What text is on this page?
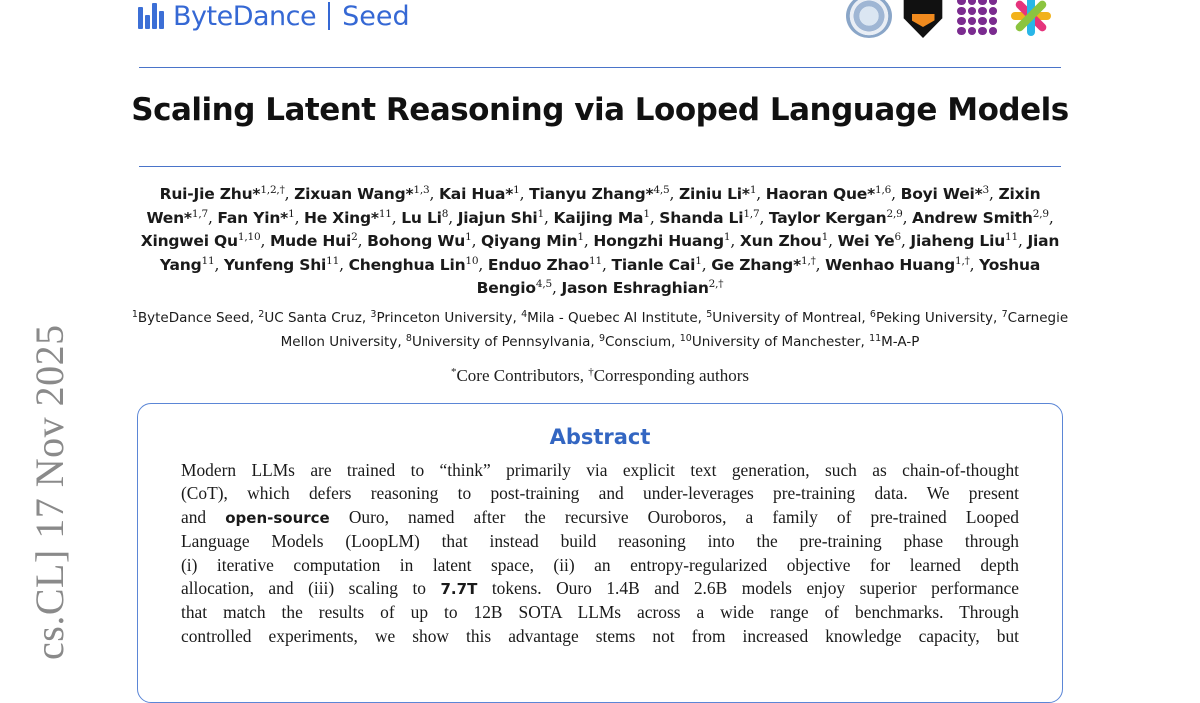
ByteDance Seed
Scaling Latent Reasoning via Looped Language Models
Rui-Jie Zhu*$^{1,2,\dagger}$, Zixuan Wang*$^{1,3}$, Kai Hua*$^1$, Tianyu Zhang*$^{4,5}$, Ziniu Li*$^1$, Haoran Que*$^{1,6}$, Boyi Wei*$^3$, Zixin Wen*$^{1,7}$, Fan Yin*$^1$, He Xing*$^{11}$, Lu Li$^8$, Jiajun Shi$^1$, Kaijing Ma$^1$, Shanda Li$^{1,7}$, Taylor Kergan$^{2,9}$, Andrew Smith$^{2,9}$, Xingwei Qu$^{1,10}$, Mude Hui$^2$, Bohong Wu$^1$, Qiyang Min$^1$, Hongzhi Huang$^1$, Xun Zhou$^1$, Wei Ye$^6$, Jiaheng Liu$^{11}$, Jian Yang$^{11}$, Yunfeng Shi$^{11}$, Chenghua Lin$^{10}$, Enduo Zhao$^{11}$, Tianle Cai$^1$, Ge Zhang*$^{1,\dagger}$, Wenhao Huang$^{1,\dagger}$, Yoshua Bengio$^{4,5}$, Jason Eshraghian$^{2,\dagger}$
$^1$ByteDance Seed, $^2$UC Santa Cruz, $^3$Princeton University, $^4$Mila - Quebec AI Institute, $^5$University of Montreal, $^6$Peking University, $^7$Carnegie Mellon University, $^8$University of Pennsylvania, $^9$Conscium, $^{10}$University of Manchester, $^{11}$M-A-P
*Core Contributors, †Corresponding authors
Abstract
Modern LLMs are trained to “think” primarily via explicit text generation, such as chain-of-thought
(CoT), which defers reasoning to post-training and under-leverages pre-training data. We present
and open-source Ouro, named after the recursive Ouroboros, a family of pre-trained Looped
Language Models (LoopLM) that instead build reasoning into the pre-training phase through
(i) iterative computation in latent space, (ii) an entropy-regularized objective for learned depth
allocation, and (iii) scaling to 7.7T tokens. Ouro 1.4B and 2.6B models enjoy superior performance
that match the results of up to 12B SOTA LLMs across a wide range of benchmarks. Through
controlled experiments, we show this advantage stems not from increased knowledge capacity, but
cs.CL] 17 Nov 2025
